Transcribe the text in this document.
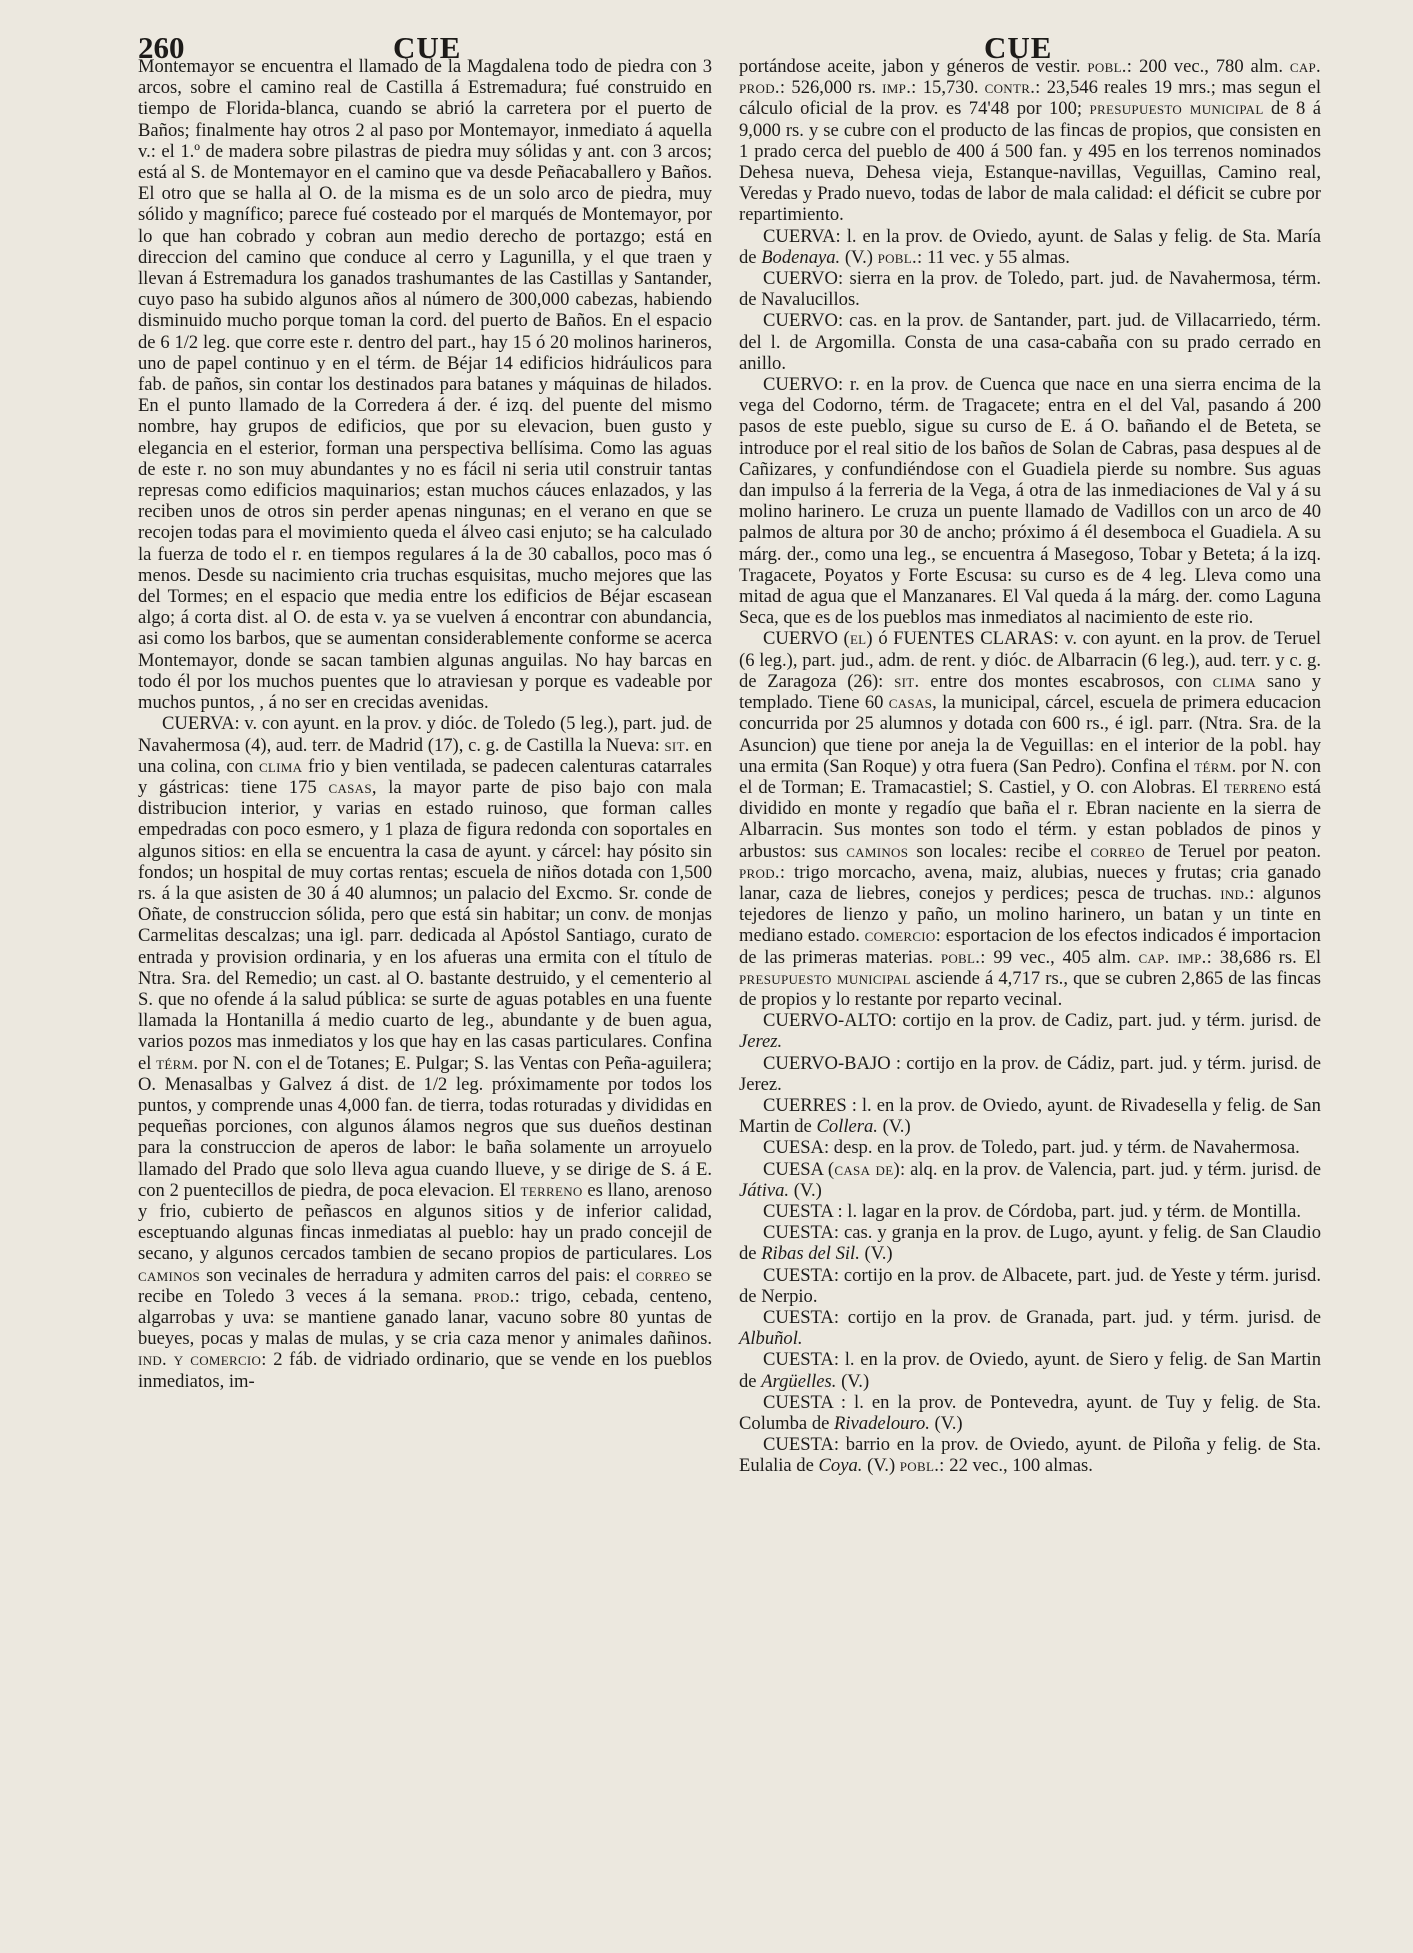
260	CUE	CUE

Montemayor se encuentra el llamado de la Magdalena todo de piedra con 3 arcos, sobre el camino real de Castilla á Estremadura; fué construido en tiempo de Florida-blanca, cuando se abrió la carretera por el puerto de Baños; finalmente hay otros 2 al paso por Montemayor, inmediato á aquella v.: el 1.º de madera sobre pilastras de piedra muy sólidas y ant. con 3 arcos; está al S. de Montemayor en el camino que va desde Peñacaballero y Baños. El otro que se halla al O. de la misma es de un solo arco de piedra, muy sólido y magnífico; parece fué costeado por el marqués de Montemayor, por lo que han cobrado y cobran aun medio derecho de portazgo; está en direccion del camino que conduce al cerro y Lagunilla, y el que traen y llevan á Estremadura los ganados trashumantes de las Castillas y Santander, cuyo paso ha subido algunos años al número de 300,000 cabezas, habiendo disminuido mucho porque toman la cord. del puerto de Baños. En el espacio de 6 1/2 leg. que corre este r. dentro del part., hay 15 ó 20 molinos harineros, uno de papel continuo y en el térm. de Béjar 14 edificios hidráulicos para fab. de paños, sin contar los destinados para batanes y máquinas de hilados. En el punto llamado de la Corredera á der. é izq. del puente del mismo nombre, hay grupos de edificios, que por su elevacion, buen gusto y elegancia en el esterior, forman una perspectiva bellísima. Como las aguas de este r. no son muy abundantes y no es fácil ni seria util construir tantas represas como edificios maquinarios; estan muchos cáuces enlazados, y las reciben unos de otros sin perder apenas ningunas; en el verano en que se recojen todas para el movimiento queda el álveo casi enjuto; se ha calculado la fuerza de todo el r. en tiempos regulares á la de 30 caballos, poco mas ó menos. Desde su nacimiento cria truchas esquisitas, mucho mejores que las del Tormes; en el espacio que media entre los edificios de Béjar escasean algo; á corta dist. al O. de esta v. ya se vuelven á encontrar con abundancia, asi como los barbos, que se aumentan considerablemente conforme se acerca Montemayor, donde se sacan tambien algunas anguilas. No hay barcas en todo él por los muchos puentes que lo atraviesan y porque es vadeable por muchos puntos, , á no ser en crecidas avenidas.

CUERVA: v. con ayunt. en la prov. y dióc. de Toledo (5 leg.), part. jud. de Navahermosa (4), aud. terr. de Madrid (17), c. g. de Castilla la Nueva: sit. en una colina, con clima frio y bien ventilada, se padecen calenturas catarrales y gástricas: tiene 175 casas, la mayor parte de piso bajo con mala distribucion interior, y varias en estado ruinoso, que forman calles empedradas con poco esmero, y 1 plaza de figura redonda con soportales en algunos sitios: en ella se encuentra la casa de ayunt. y cárcel: hay pósito sin fondos; un hospital de muy cortas rentas; escuela de niños dotada con 1,500 rs. á la que asisten de 30 á 40 alumnos; un palacio del Excmo. Sr. conde de Oñate, de construccion sólida, pero que está sin habitar; un conv. de monjas Carmelitas descalzas; una igl. parr. dedicada al Apóstol Santiago, curato de entrada y provision ordinaria, y en los afueras una ermita con el título de Ntra. Sra. del Remedio; un cast. al O. bastante destruido, y el cementerio al S. que no ofende á la salud pública: se surte de aguas potables en una fuente llamada la Hontanilla á medio cuarto de leg., abundante y de buen agua, varios pozos mas inmediatos y los que hay en las casas particulares. Confina el térm. por N. con el de Totanes; E. Pulgar; S. las Ventas con Peña-aguilera; O. Menasalbas y Galvez á dist. de 1/2 leg. próximamente por todos los puntos, y comprende unas 4,000 fan. de tierra, todas roturadas y divididas en pequeñas porciones, con algunos álamos negros que sus dueños destinan para la construccion de aperos de labor: le baña solamente un arroyuelo llamado del Prado que solo lleva agua cuando llueve, y se dirige de S. á E. con 2 puentecillos de piedra, de poca elevacion. El terreno es llano, arenoso y frio, cubierto de peñascos en algunos sitios y de inferior calidad, esceptuando algunas fincas inmediatas al pueblo: hay un prado concejil de secano, y algunos cercados tambien de secano propios de particulares. Los caminos son vecinales de herradura y admiten carros del pais: el correo se recibe en Toledo 3 veces á la semana. prod.: trigo, cebada, centeno, algarrobas y uva: se mantiene ganado lanar, vacuno sobre 80 yuntas de bueyes, pocas y malas de mulas, y se cria caza menor y animales dañinos. ind. y comercio: 2 fáb. de vidriado ordinario, que se vende en los pueblos inmediatos, im-

portándose aceite, jabon y géneros de vestir. pobl.: 200 vec., 780 alm. cap. prod.: 526,000 rs. imp.: 15,730. contr.: 23,546 reales 19 mrs.; mas segun el cálculo oficial de la prov. es 74'48 por 100; presupuesto municipal de 8 á 9,000 rs. y se cubre con el producto de las fincas de propios, que consisten en 1 prado cerca del pueblo de 400 á 500 fan. y 495 en los terrenos nominados Dehesa nueva, Dehesa vieja, Estanque-navillas, Veguillas, Camino real, Veredas y Prado nuevo, todas de labor de mala calidad: el déficit se cubre por repartimiento.

CUERVA: l. en la prov. de Oviedo, ayunt. de Salas y felig. de Sta. María de Bodenaya. (V.) pobl.: 11 vec. y 55 almas.

CUERVO: sierra en la prov. de Toledo, part. jud. de Navahermosa, térm. de Navalucillos.

CUERVO: cas. en la prov. de Santander, part. jud. de Villacarriedo, térm. del l. de Argomilla. Consta de una casa-cabaña con su prado cerrado en anillo.

CUERVO: r. en la prov. de Cuenca que nace en una sierra encima de la vega del Codorno, térm. de Tragacete; entra en el del Val, pasando á 200 pasos de este pueblo, sigue su curso de E. á O. bañando el de Beteta, se introduce por el real sitio de los baños de Solan de Cabras, pasa despues al de Cañizares, y confundiéndose con el Guadiela pierde su nombre. Sus aguas dan impulso á la ferreria de la Vega, á otra de las inmediaciones de Val y á su molino harinero. Le cruza un puente llamado de Vadillos con un arco de 40 palmos de altura por 30 de ancho; próximo á él desemboca el Guadiela. A su márg. der., como una leg., se encuentra á Masegoso, Tobar y Beteta; á la izq. Tragacete, Poyatos y Forte Escusa: su curso es de 4 leg. Lleva como una mitad de agua que el Manzanares. El Val queda á la márg. der. como Laguna Seca, que es de los pueblos mas inmediatos al nacimiento de este rio.

CUERVO (el) ó FUENTES CLARAS: v. con ayunt. en la prov. de Teruel (6 leg.), part. jud., adm. de rent. y dióc. de Albarracin (6 leg.), aud. terr. y c. g. de Zaragoza (26): sit. entre dos montes escabrosos, con clima sano y templado. Tiene 60 casas, la municipal, cárcel, escuela de primera educacion concurrida por 25 alumnos y dotada con 600 rs., é igl. parr. (Ntra. Sra. de la Asuncion) que tiene por aneja la de Veguillas: en el interior de la pobl. hay una ermita (San Roque) y otra fuera (San Pedro). Confina el térm. por N. con el de Torman; E. Tramacastiel; S. Castiel, y O. con Alobras. El terreno está dividido en monte y regadío que baña el r. Ebran naciente en la sierra de Albarracin. Sus montes son todo el térm. y estan poblados de pinos y arbustos: sus caminos son locales: recibe el correo de Teruel por peaton. prod.: trigo morcacho, avena, maiz, alubias, nueces y frutas; cria ganado lanar, caza de liebres, conejos y perdices; pesca de truchas. ind.: algunos tejedores de lienzo y paño, un molino harinero, un batan y un tinte en mediano estado. comercio: esportacion de los efectos indicados é importacion de las primeras materias. pobl.: 99 vec., 405 alm. cap. imp.: 38,686 rs. El presupuesto municipal asciende á 4,717 rs., que se cubren 2,865 de las fincas de propios y lo restante por reparto vecinal.

CUERVO-ALTO: cortijo en la prov. de Cadiz, part. jud. y térm. jurisd. de Jerez.

CUERVO-BAJO : cortijo en la prov. de Cádiz, part. jud. y térm. jurisd. de Jerez.

CUERRES : l. en la prov. de Oviedo, ayunt. de Rivadesella y felig. de San Martin de Collera. (V.)

CUESA: desp. en la prov. de Toledo, part. jud. y térm. de Navahermosa.

CUESA (casa de): alq. en la prov. de Valencia, part. jud. y térm. jurisd. de Játiva. (V.)

CUESTA : l. lagar en la prov. de Córdoba, part. jud. y térm. de Montilla.

CUESTA: cas. y granja en la prov. de Lugo, ayunt. y felig. de San Claudio de Ribas del Sil. (V.)

CUESTA: cortijo en la prov. de Albacete, part. jud. de Yeste y térm. jurisd. de Nerpio.

CUESTA: cortijo en la prov. de Granada, part. jud. y térm. jurisd. de Albuñol.

CUESTA: l. en la prov. de Oviedo, ayunt. de Siero y felig. de San Martin de Argüelles. (V.)

CUESTA : l. en la prov. de Pontevedra, ayunt. de Tuy y felig. de Sta. Columba de Rivadelouro. (V.)

CUESTA: barrio en la prov. de Oviedo, ayunt. de Piloña y felig. de Sta. Eulalia de Coya. (V.) pobl.: 22 vec., 100 almas.
